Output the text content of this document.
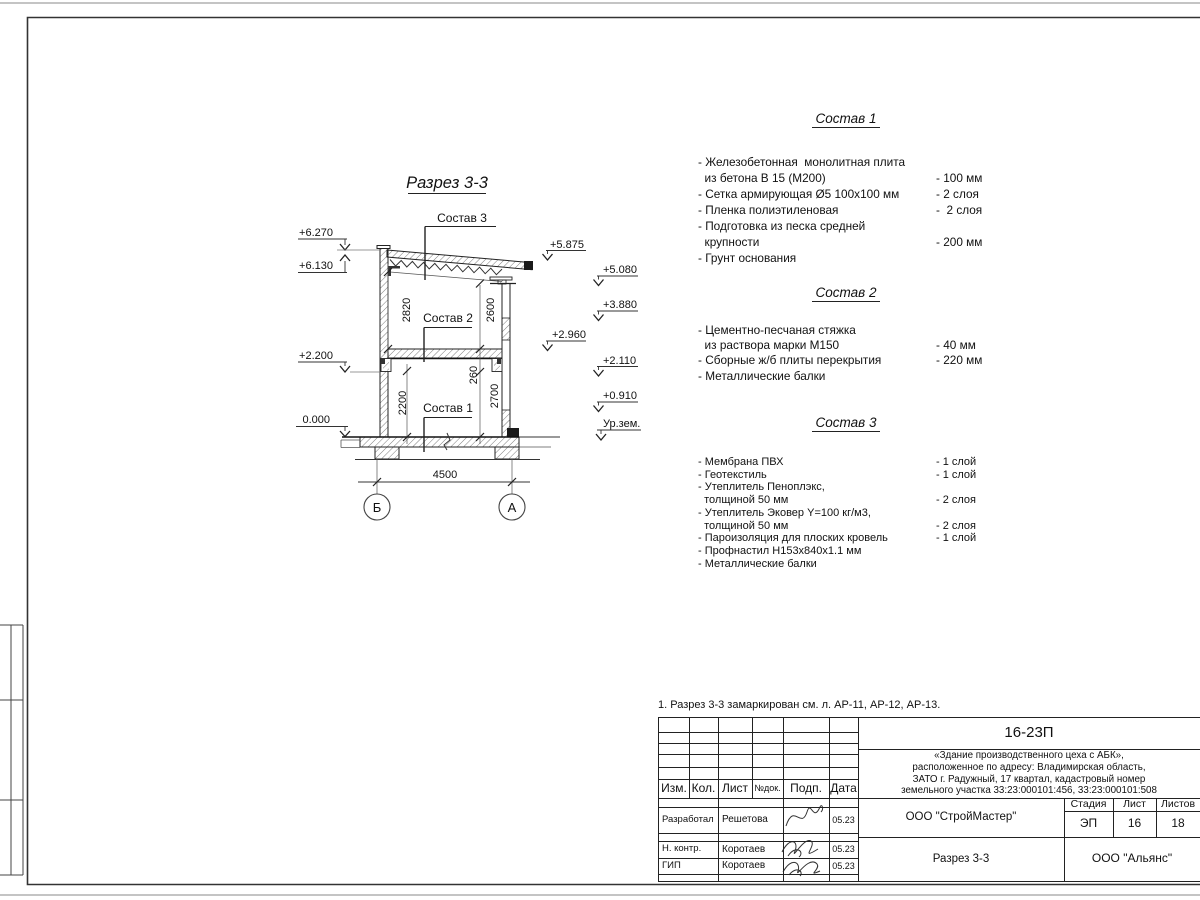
Разрез 3-3
Состав 3
Состав 2
Состав 1
2820
2200
2600
260
2700
4500
Б	А
+6.270
+6.130
+2.200
0.000
+5.875
+5.080
+3.880
+2.960
+2.110
+0.910
Ур.зем.
1. Разрез 3-3 замаркирован см. л. АР-11, АР-12, АР-13.
Состав 1
- Железобетонная  монолитная плита
из бетона В 15 (М200)	- 100 мм
- Сетка армирующая Ø5 100х100 мм	- 2 слоя
- Пленка полиэтиленовая	-  2 слоя
- Подготовка из песка средней
крупности	- 200 мм
- Грунт основания
Состав 2
- Цементно-песчаная стяжка
из раствора марки М150	- 40 мм
- Сборные ж/б плиты перекрытия	- 220 мм
- Металлические балки
Состав 3
- Мембрана ПВХ	- 1 слой
- Геотекстиль	- 1 слой
- Утеплитель Пеноплэкс,
толщиной 50 мм	- 2 слоя
- Утеплитель Эковер Y=100 кг/м3,
толщиной 50 мм	- 2 слоя
- Пароизоляция для плоских кровель	- 1 слой
- Профнастил Н153х840х1.1 мм
- Металлические балки
Изм. Кол. Лист №док. Подп. Дата
Разработал Решетова	05.23
Н. контр.	Коротаев	05.23
ГИП	Коротаев	05.23
16-23П
«Здание производственного цеха с АБК»,
расположенное по адресу: Владимирская область,
ЗАТО г. Радужный, 17 квартал, кадастровый номер
земельного участка 33:23:000101:456, 33:23:000101:508
ООО "СтройМастер"
Стадия	Лист	Листов
ЭП	16	18
Разрез 3-3	ООО "Альянс"
